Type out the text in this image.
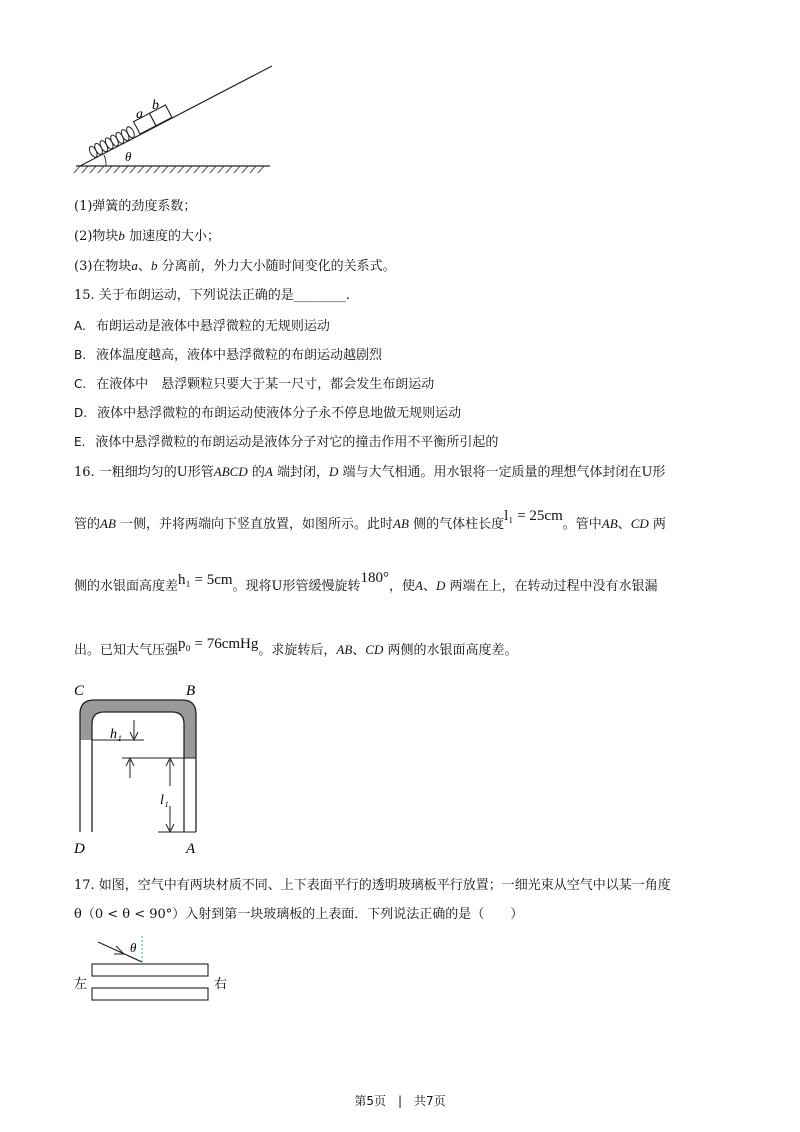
a
b
θ
(1)弹簧的劲度系数；
(2)物块b 加速度的大小；
(3)在物块a、b 分离前，外力大小随时间变化的关系式。
15. 关于布朗运动，下列说法正确的是________.
A. 布朗运动是液体中悬浮微粒的无规则运动
B. 液体温度越高，液体中悬浮微粒的布朗运动越剧烈
C. 在液体中　悬浮颗粒只要大于某一尺寸，都会发生布朗运动
D. 液体中悬浮微粒的布朗运动使液体分子永不停息地做无规则运动
E. 液体中悬浮微粒的布朗运动是液体分子对它的撞击作用不平衡所引起的
16. 一粗细均匀的U形管ABCD 的A 端封闭，D 端与大气相通。用水银将一定质量的理想气体封闭在U形
管的AB 一侧，并将两端向下竖直放置，如图所示。此时AB 侧的气体柱长度l₁ = 25cm。管中AB、CD 两
侧的水银面高度差h₁ = 5cm。现将U形管缓慢旋转180°，使A、D 两端在上，在转动过程中没有水银漏
出。已知大气压强p₀ = 76cmHg。求旋转后，AB、CD 两侧的水银面高度差。
C	B
h₁
l₁
D	A
17. 如图，空气中有两块材质不同、上下表面平行的透明玻璃板平行放置；一细光束从空气中以某一角度
θ（0 < θ < 90°）入射到第一块玻璃板的上表面．下列说法正确的是（　　）
θ
左	右
第5页　|　共7页
